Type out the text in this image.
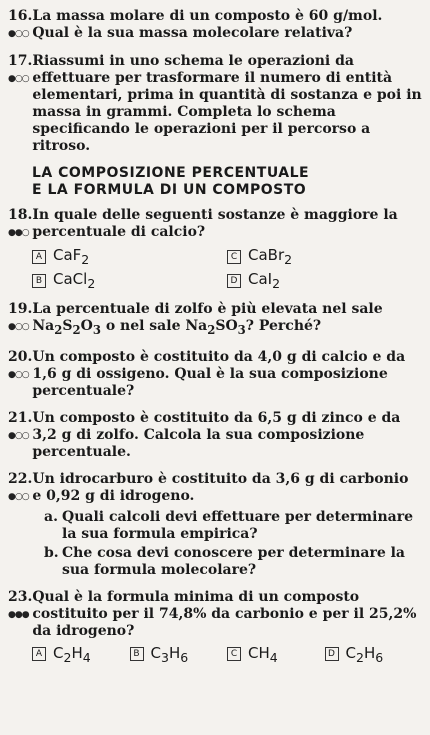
16.
●○○
La massa molare di un composto è 60 g/mol. Qual è la sua massa molecolare relativa?
17.
●○○
Riassumi in uno schema le operazioni da effettuare per trasformare il numero di entità elementari, prima in quantità di sostanza e poi in massa in grammi. Completa lo schema specificando le operazioni per il percorso a ritroso.
LA COMPOSIZIONE PERCENTUALE
E LA FORMULA DI UN COMPOSTO
18.
●●○
In quale delle seguenti sostanze è maggiore la percentuale di calcio?
A CaF$_2$	C CaBr$_2$
B CaCl$_2$	D CaI$_2$
19.
●○○
La percentuale di zolfo è più elevata nel sale $Na_2S_2O_3$ o nel sale $Na_2SO_3$? Perché?
20.
●○○
Un composto è costituito da 4,0 g di calcio e da 1,6 g di ossigeno. Qual è la sua composizione percentuale?
21.
●○○
Un composto è costituito da 6,5 g di zinco e da 3,2 g di zolfo. Calcola la sua composizione percentuale.
22.
●○○
Un idrocarburo è costituito da 3,6 g di carbonio e 0,92 g di idrogeno.
a. Quali calcoli devi effettuare per determinare la sua formula empirica?
b. Che cosa devi conoscere per determinare la sua formula molecolare?
23.
●●●
Qual è la formula minima di un composto costituito per il 74,8% da carbonio e per il 25,2% da idrogeno?
A $C_2H_4$	B $C_3H_6$	C $CH_4$	D $C_2H_6$
